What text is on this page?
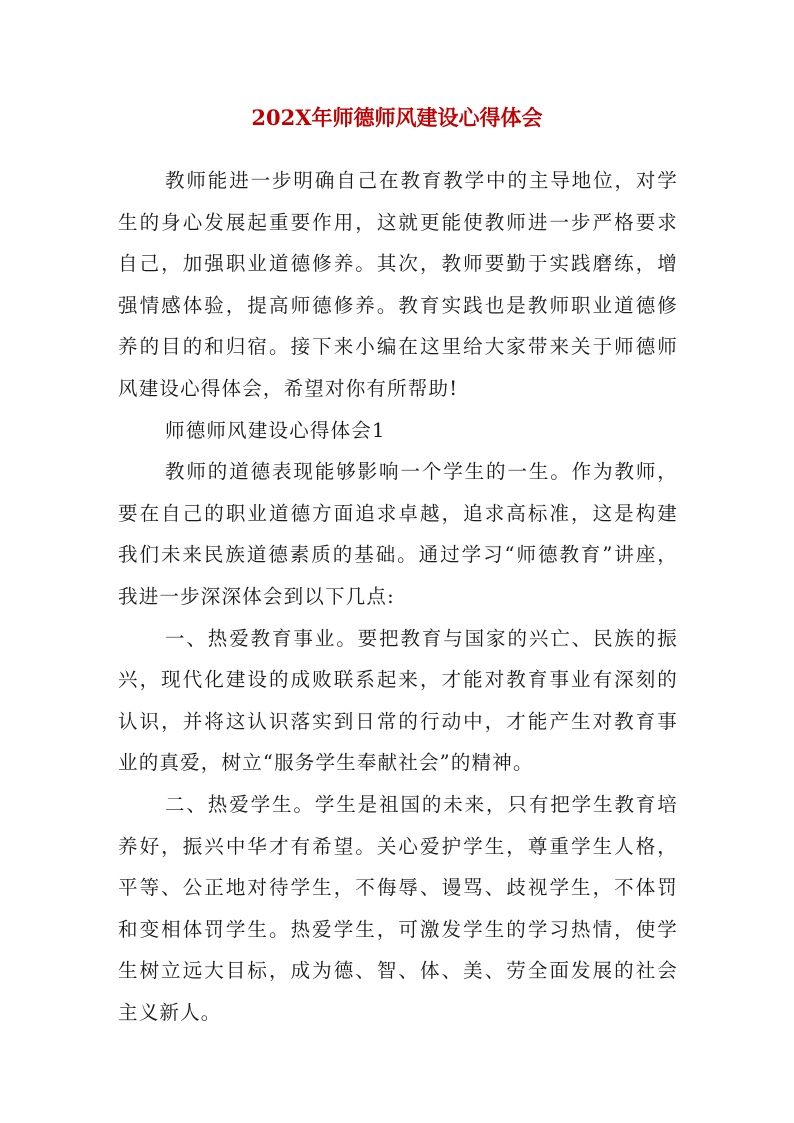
202X年师德师风建设心得体会
教师能进一步明确自己在教育教学中的主导地位，对学
生的身心发展起重要作用，这就更能使教师进一步严格要求
自己，加强职业道德修养。其次，教师要勤于实践磨练，增
强情感体验，提高师德修养。教育实践也是教师职业道德修
养的目的和归宿。接下来小编在这里给大家带来关于师德师
风建设心得体会，希望对你有所帮助!
师德师风建设心得体会1
教师的道德表现能够影响一个学生的一生。作为教师，
要在自己的职业道德方面追求卓越，追求高标准，这是构建
我们未来民族道德素质的基础。通过学习“师德教育”讲座，
我进一步深深体会到以下几点:
一、热爱教育事业。要把教育与国家的兴亡、民族的振
兴，现代化建设的成败联系起来，才能对教育事业有深刻的
认识，并将这认识落实到日常的行动中，才能产生对教育事
业的真爱，树立“服务学生奉献社会”的精神。
二、热爱学生。学生是祖国的未来，只有把学生教育培
养好，振兴中华才有希望。关心爱护学生，尊重学生人格，
平等、公正地对待学生，不侮辱、谩骂、歧视学生，不体罚
和变相体罚学生。热爱学生，可激发学生的学习热情，使学
生树立远大目标，成为德、智、体、美、劳全面发展的社会
主义新人。
